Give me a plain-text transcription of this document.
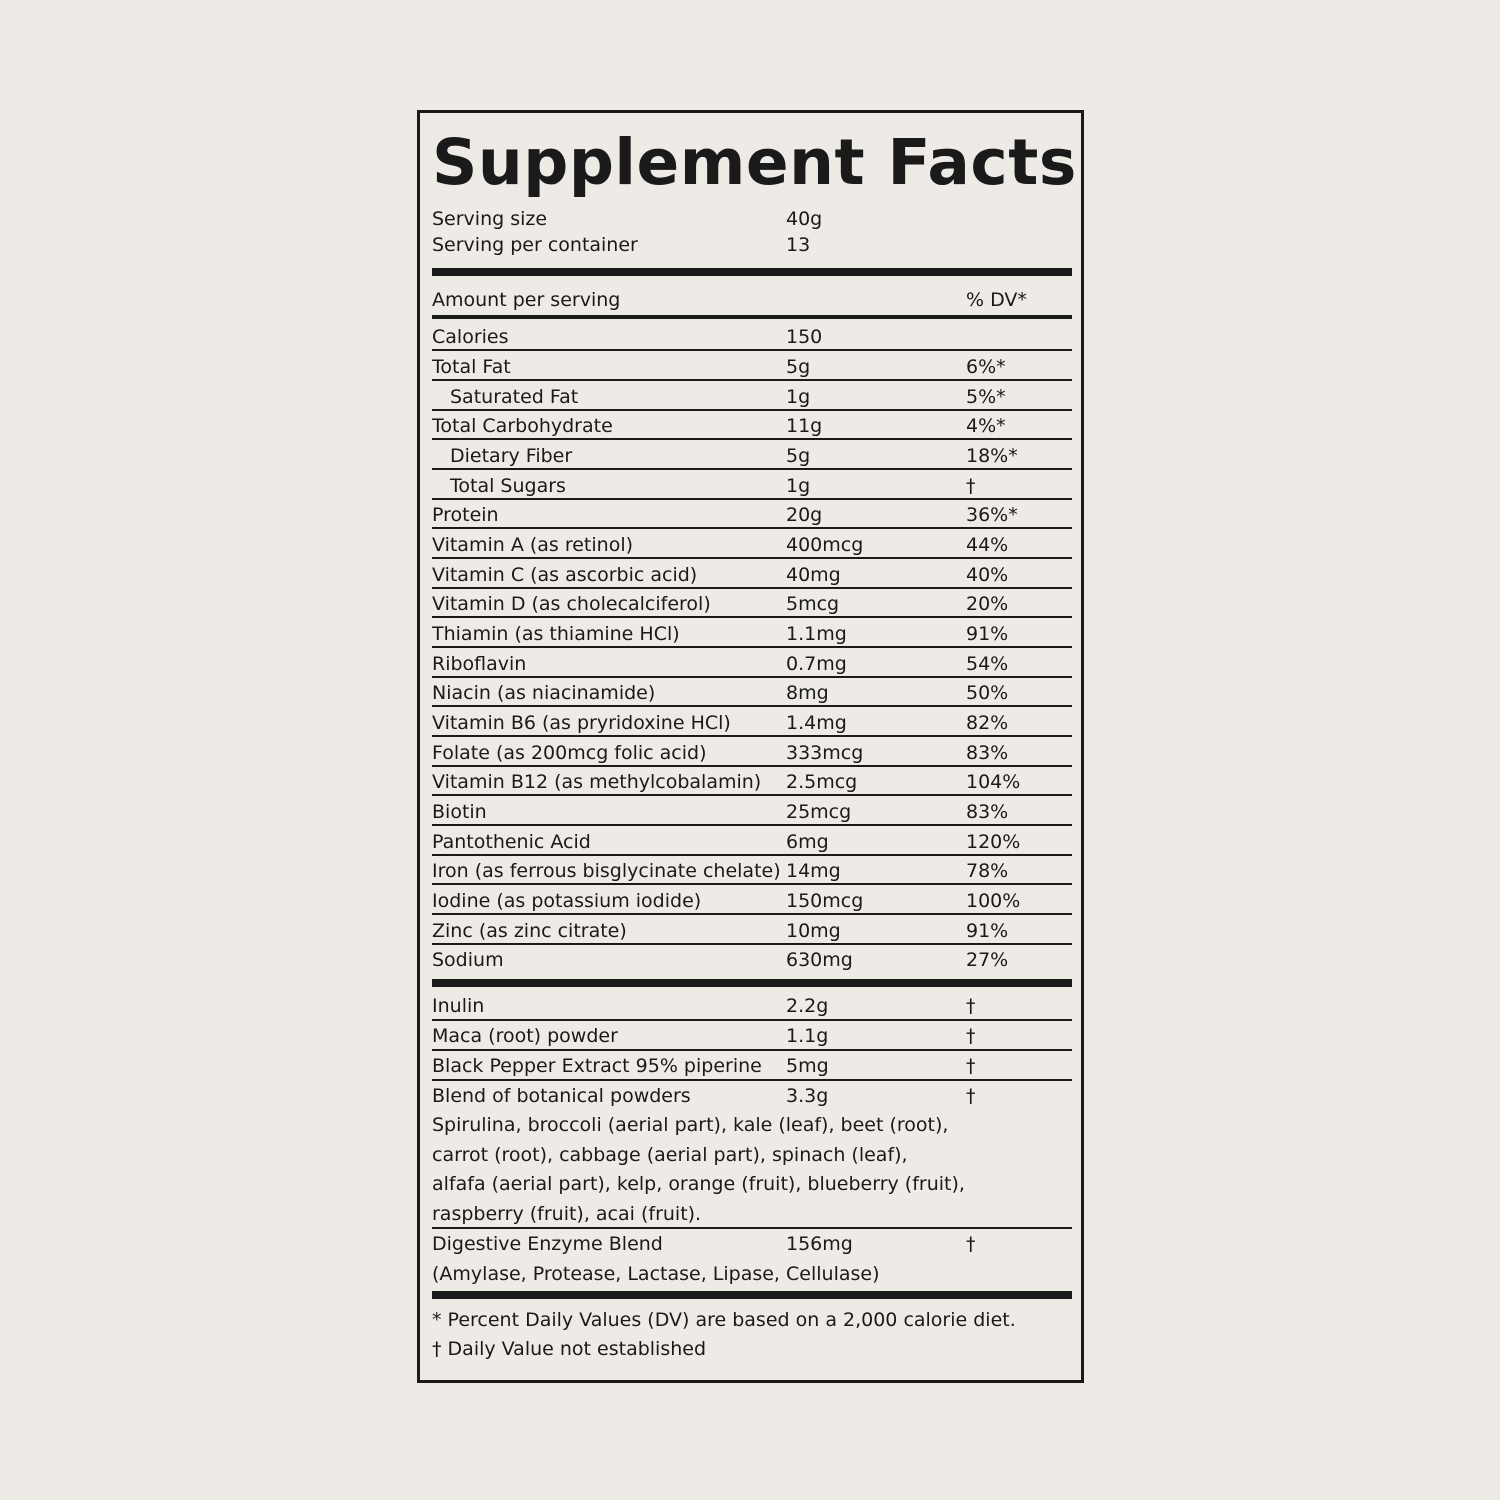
Supplement Facts
Serving size	40g
Serving per container	13
Amount per serving	% DV*
Calories	150
Total Fat	5g	6%*
Saturated Fat	1g	5%*
Total Carbohydrate	11g	4%*
Dietary Fiber	5g	18%*
Total Sugars	1g	†
Protein	20g	36%*
Vitamin A (as retinol)	400mcg	44%
Vitamin C (as ascorbic acid)	40mg	40%
Vitamin D (as cholecalciferol)	5mcg	20%
Thiamin (as thiamine HCl)	1.1mg	91%
Riboflavin	0.7mg	54%
Niacin (as niacinamide)	8mg	50%
Vitamin B6 (as pryridoxine HCl)	1.4mg	82%
Folate (as 200mcg folic acid)	333mcg	83%
Vitamin B12 (as methylcobalamin) 2.5mcg	104%
Biotin	25mcg	83%
Pantothenic Acid	6mg	120%
Iron (as ferrous bisglycinate chelate) 14mg	78%
Iodine (as potassium iodide)	150mcg	100%
Zinc (as zinc citrate)	10mg	91%
Sodium	630mg	27%
Inulin	2.2g	†
Maca (root) powder	1.1g	†
Black Pepper Extract 95% piperine 5mg	†
Blend of botanical powders	3.3g	†
Spirulina, broccoli (aerial part), kale (leaf), beet (root),
carrot (root), cabbage (aerial part), spinach (leaf),
alfafa (aerial part), kelp, orange (fruit), blueberry (fruit),
raspberry (fruit), acai (fruit).
Digestive Enzyme Blend	156mg	†
(Amylase, Protease, Lactase, Lipase, Cellulase)
* Percent Daily Values (DV) are based on a 2,000 calorie diet.
† Daily Value not established
